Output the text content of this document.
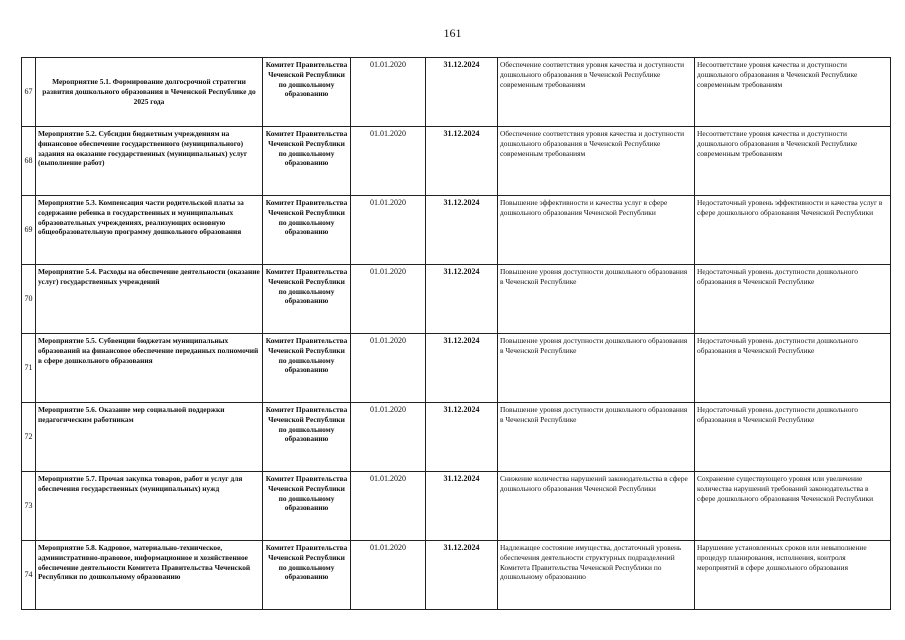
161
67	Мероприятие 5.1. Формирование долгосрочной стратегии развития дошкольного образования в Чеченской Республике до 2025 года	Комитет Правительства Чеченской Республики по дошкольному образованию	01.01.2020	31.12.2024	Обеспечение соответствия уровня качества и доступности дошкольного образования в Чеченской Республике современным требованиям	Несоответствие уровня качества и доступности дошкольного образования в Чеченской Республике современным требованиям
68	Мероприятие 5.2. Субсидии бюджетным учреждениям на финансовое обеспечение государственного (муниципального) задания на оказание государственных (муниципальных) услуг (выполнение работ)	Комитет Правительства Чеченской Республики по дошкольному образованию	01.01.2020	31.12.2024	Обеспечение соответствия уровня качества и доступности дошкольного образования в Чеченской Республике современным требованиям	Несоответствие уровня качества и доступности дошкольного образования в Чеченской Республике современным требованиям
69	Мероприятие 5.3. Компенсация части родительской платы за содержание ребенка в государственных и муниципальных образовательных учреждениях, реализующих основную общеобразовательную программу дошкольного образования	Комитет Правительства Чеченской Республики по дошкольному образованию	01.01.2020	31.12.2024	Повышение эффективности и качества услуг в сфере дошкольного образования Чеченской Республики	Недостаточный уровень эффективности и качества услуг в сфере дошкольного образования Чеченской Республики
70	Мероприятие 5.4. Расходы на обеспечение деятельности (оказание услуг) государственных учреждений	Комитет Правительства Чеченской Республики по дошкольному образованию	01.01.2020	31.12.2024	Повышение уровня доступности дошкольного образования в Чеченской Республике	Недостаточный уровень доступности дошкольного образования в Чеченской Республике
71	Мероприятие 5.5. Субвенции бюджетам муниципальных образований на финансовое обеспечение переданных полномочий в сфере дошкольного образования	Комитет Правительства Чеченской Республики по дошкольному образованию	01.01.2020	31.12.2024	Повышение уровня доступности дошкольного образования в Чеченской Республике	Недостаточный уровень доступности дошкольного образования в Чеченской Республике
72	Мероприятие 5.6. Оказание мер социальной поддержки педагогическим работникам	Комитет Правительства Чеченской Республики по дошкольному образованию	01.01.2020	31.12.2024	Повышение уровня доступности дошкольного образования в Чеченской Республике	Недостаточный уровень доступности дошкольного образования в Чеченской Республике
73	Мероприятие 5.7. Прочая закупка товаров, работ и услуг для обеспечения государственных (муниципальных) нужд	Комитет Правительства Чеченской Республики по дошкольному образованию	01.01.2020	31.12.2024	Снижение количества нарушений законодательства в сфере дошкольного образования Чеченской Республики	Сохранение существующего уровня или увеличение количества нарушений требований законодательства в сфере дошкольного образования Чеченской Республики
74	Мероприятие 5.8. Кадровое, материально-техническое, административно-правовое, информационное и хозяйственное обеспечение деятельности Комитета Правительства Чеченской Республики по дошкольному образованию	Комитет Правительства Чеченской Республики по дошкольному образованию	01.01.2020	31.12.2024	Надлежащее состояние имущества, достаточный уровень обеспечения деятельности структурных подразделений Комитета Правительства Чеченской Республики по дошкольному образованию	Нарушение установленных сроков или невыполнение процедур планирования, исполнения, контроля мероприятий в сфере дошкольного образования
